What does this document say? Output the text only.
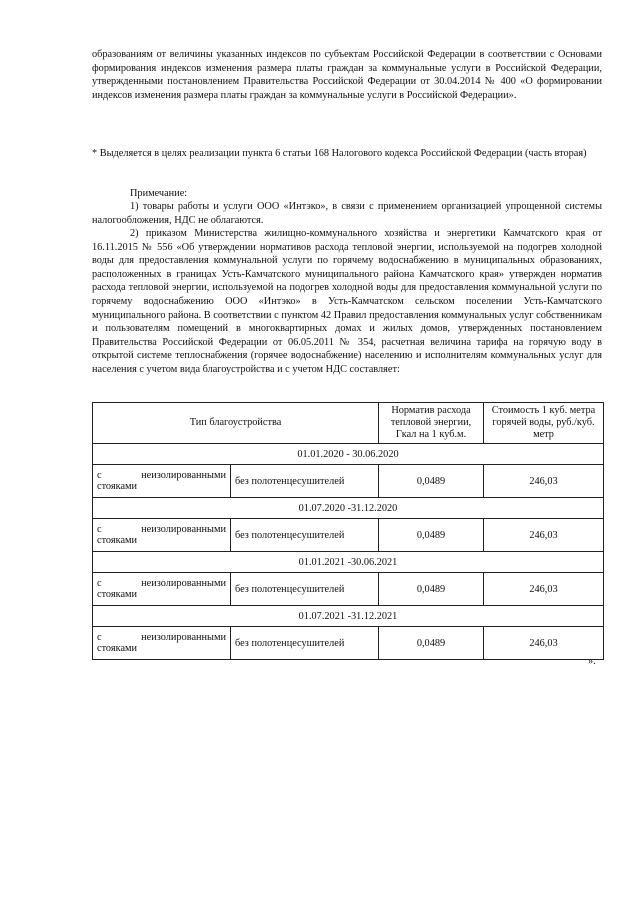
образованиям от величины указанных индексов по субъектам Российской Федерации в соответствии с Основами формирования индексов изменения размера платы граждан за коммунальные услуги в Российской Федерации, утвержденными постановлением Правительства Российской Федерации от 30.04.2014 № 400 «О формировании индексов изменения размера платы граждан за коммунальные услуги в Российской Федерации».

* Выделяется в целях реализации пункта 6 статьи 168 Налогового кодекса Российской Федерации (часть вторая)

Примечание:

1) товары работы и услуги ООО «Интэко», в связи с применением организацией упрощенной системы налогообложения, НДС не облагаются.

2) приказом Министерства жилищно-коммунального хозяйства и энергетики Камчатского края от 16.11.2015 № 556 «Об утверждении нормативов расхода тепловой энергии, используемой на подогрев холодной воды для предоставления коммунальной услуги по горячему водоснабжению в муниципальных образованиях, расположенных в границах Усть-Камчатского муниципального района Камчатского края» утвержден норматив расхода тепловой энергии, используемой на подогрев холодной воды для предоставления коммунальной услуги по горячему водоснабжению ООО «Интэко» в Усть-Камчатском сельском поселении Усть-Камчатского муниципального района. В соответствии с пунктом 42 Правил предоставления коммунальных услуг собственникам и пользователям помещений в многоквартирных домах и жилых домов, утвержденных постановлением Правительства Российской Федерации от 06.05.2011 № 354, расчетная величина тарифа на горячую воду в открытой системе теплоснабжения (горячее водоснабжение) населению и исполнителям коммунальных услуг для населения с учетом вида благоустройства и с учетом НДС составляет:

Тип благоустройства		Норматив расхода тепловой энергии, Гкал на 1 куб.м.	Стоимость 1 куб. метра горячей воды, руб./куб. метр
01.01.2020 - 30.06.2020			

с неизолированными стояками	без полотенцесушителей	0,0489	246,03
01.07.2020 -31.12.2020			

с неизолированными стояками	без полотенцесушителей	0,0489	246,03
01.01.2021 -30.06.2021			

с неизолированными стояками	без полотенцесушителей	0,0489	246,03
01.07.2021 -31.12.2021			

с неизолированными стояками	без полотенцесушителей	0,0489	246,03

».
